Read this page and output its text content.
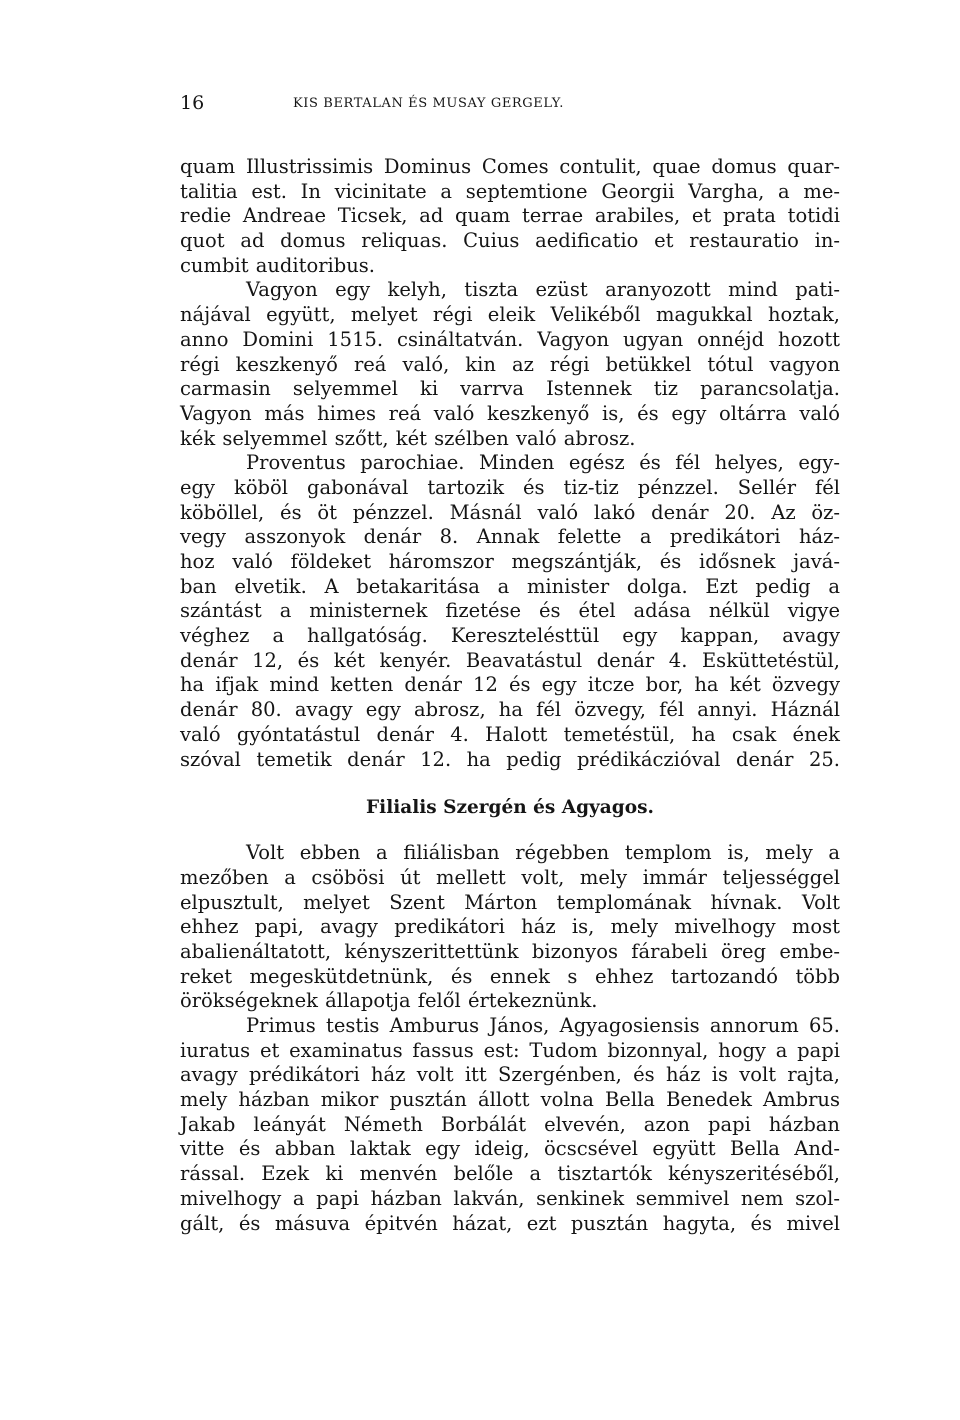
16	KIS BERTALAN ÉS MUSAY GERGELY.
quam Illustrissimis Dominus Comes contulit, quae domus quar-
talitia est. In vicinitate a septemtione Georgii Vargha, a me-
redie Andreae Ticsek, ad quam terrae arabiles, et prata totidi
quot ad domus reliquas. Cuius aedificatio et restauratio in-
cumbit auditoribus.
Vagyon egy kelyh, tiszta ezüst aranyozott mind pati-
nájával együtt, melyet régi eleik Velikéből magukkal hoztak,
anno Domini 1515. csináltatván. Vagyon ugyan onnéjd hozott
régi keszkenyő reá való, kin az régi betükkel tótul vagyon
carmasin selyemmel ki varrva Istennek tiz parancsolatja.
Vagyon más himes reá való keszkenyő is, és egy oltárra való
kék selyemmel szőtt, két szélben való abrosz.
Proventus parochiae. Minden egész és fél helyes, egy-
egy köböl gabonával tartozik és tiz-tiz pénzzel. Sellér fél
köböllel, és öt pénzzel. Másnál való lakó denár 20. Az öz-
vegy asszonyok denár 8. Annak felette a predikátori ház-
hoz való földeket háromszor megszántják, és idősnek javá-
ban elvetik. A betakaritása a minister dolga. Ezt pedig a
szántást a ministernek fizetése és étel adása nélkül vigye
véghez a hallgatóság. Keresztelésttül egy kappan, avagy
denár 12, és két kenyér. Beavatástul denár 4. Esküttetéstül,
ha ifjak mind ketten denár 12 és egy itcze bor, ha két özvegy
denár 80. avagy egy abrosz, ha fél özvegy, fél annyi. Háznál
való gyóntatástul denár 4. Halott temetéstül, ha csak ének
szóval temetik denár 12. ha pedig prédikáczióval denár 25.
Filialis Szergén és Agyagos.
Volt ebben a filiálisban régebben templom is, mely a
mezőben a csöbösi út mellett volt, mely immár teljességgel
elpusztult, melyet Szent Márton templomának hívnak. Volt
ehhez papi, avagy predikátori ház is, mely mivelhogy most
abalienáltatott, kényszerittettünk bizonyos fárabeli öreg embe-
reket megeskütdetnünk, és ennek s ehhez tartozandó több
örökségeknek állapotja felől értekeznünk.
Primus testis Amburus János, Agyagosiensis annorum 65.
iuratus et examinatus fassus est: Tudom bizonnyal, hogy a papi
avagy prédikátori ház volt itt Szergénben, és ház is volt rajta,
mely házban mikor pusztán állott volna Bella Benedek Ambrus
Jakab leányát Németh Borbálát elvevén, azon papi házban
vitte és abban laktak egy ideig, öcscsével együtt Bella And-
rással. Ezek ki menvén belőle a tisztartók kényszeritéséből,
mivelhogy a papi házban lakván, senkinek semmivel nem szol-
gált, és másuva épitvén házat, ezt pusztán hagyta, és mivel
